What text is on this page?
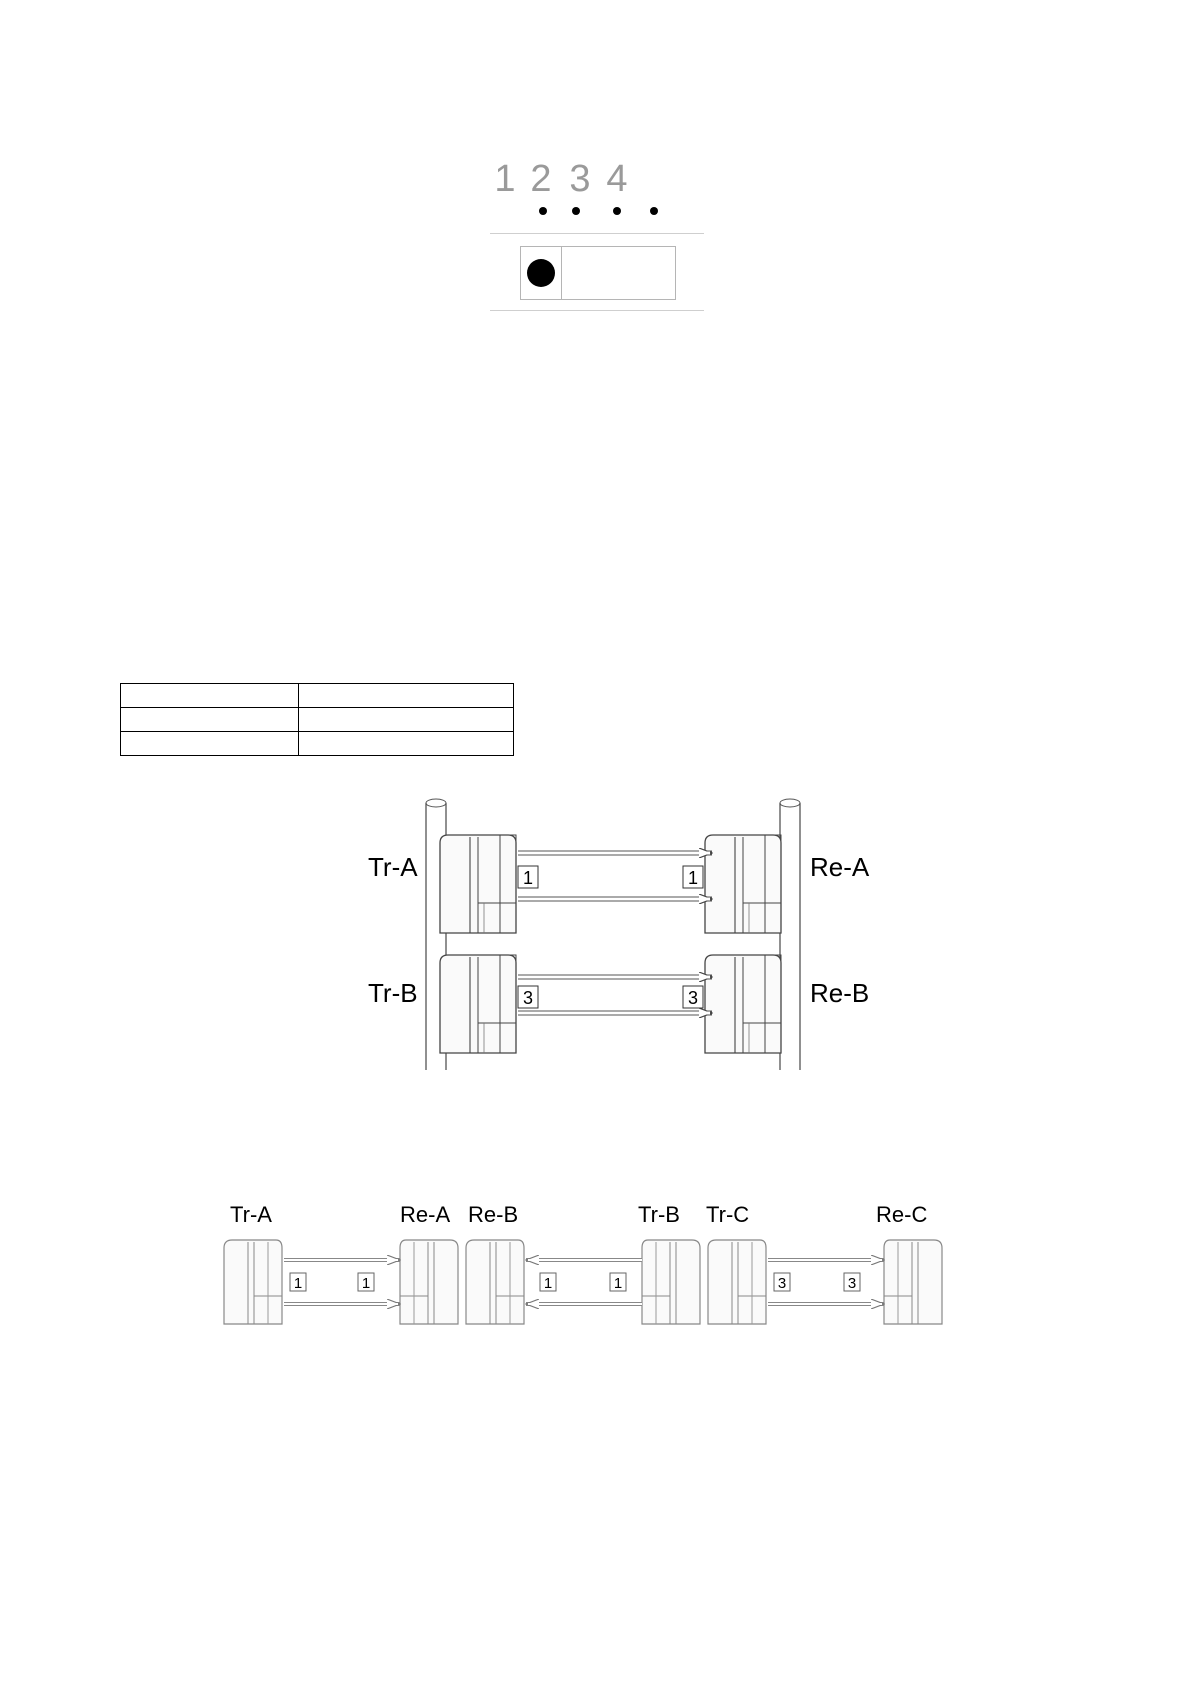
1 2 3 4

1	1
3	3
Tr-A
Tr-B
Re-A
Re-B
Tr-A	Re-A Re-B	Tr-B Tr-C	Re-C
1	1	1	1	3	3
